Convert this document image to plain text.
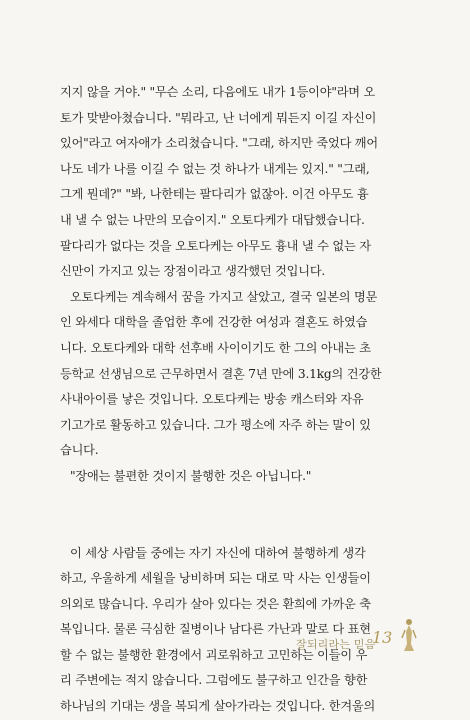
지지 않을 거야." "무슨 소리, 다음에도 내가 1등이야"라며 오
토가 맞받아쳤습니다. "뭐라고, 난 너에게 뭐든지 이길 자신이
있어"라고 여자애가 소리쳤습니다. "그래, 하지만 죽었다 깨어
나도 네가 나를 이길 수 없는 것 하나가 내게는 있지." "그래,
그게 뭔데?" "봐, 나한테는 팔다리가 없잖아. 이건 아무도 흉
내 낼 수 없는 나만의 모습이지." 오토다케가 대답했습니다.
팔다리가 없다는 것을 오토다케는 아무도 흉내 낼 수 없는 자
신만이 가지고 있는 장점이라고 생각했던 것입니다.
오토다케는 계속해서 꿈을 가지고 살았고, 결국 일본의 명문
인 와세다 대학을 졸업한 후에 건강한 여성과 결혼도 하였습
니다. 오토다케와 대학 선후배 사이이기도 한 그의 아내는 초
등학교 선생님으로 근무하면서 결혼 7년 만에 3.1kg의 건강한
사내아이를 낳은 것입니다. 오토다케는 방송 캐스터와 자유
기고가로 활동하고 있습니다. 그가 평소에 자주 하는 말이 있
습니다.
"장애는 불편한 것이지 불행한 것은 아닙니다."
이 세상 사람들 중에는 자기 자신에 대하여 불행하게 생각
하고, 우울하게 세월을 낭비하며 되는 대로 막 사는 인생들이
의외로 많습니다. 우리가 살아 있다는 것은 환희에 가까운 축
복입니다. 물론 극심한 질병이나 남다른 가난과 말로 다 표현
할 수 없는 불행한 환경에서 괴로워하고 고민하는 이들이 우
리 주변에는 적지 않습니다. 그럼에도 불구하고 인간을 향한
하나님의 기대는 생을 복되게 살아가라는 것입니다. 한겨울의
잘되리라는 믿음
13
